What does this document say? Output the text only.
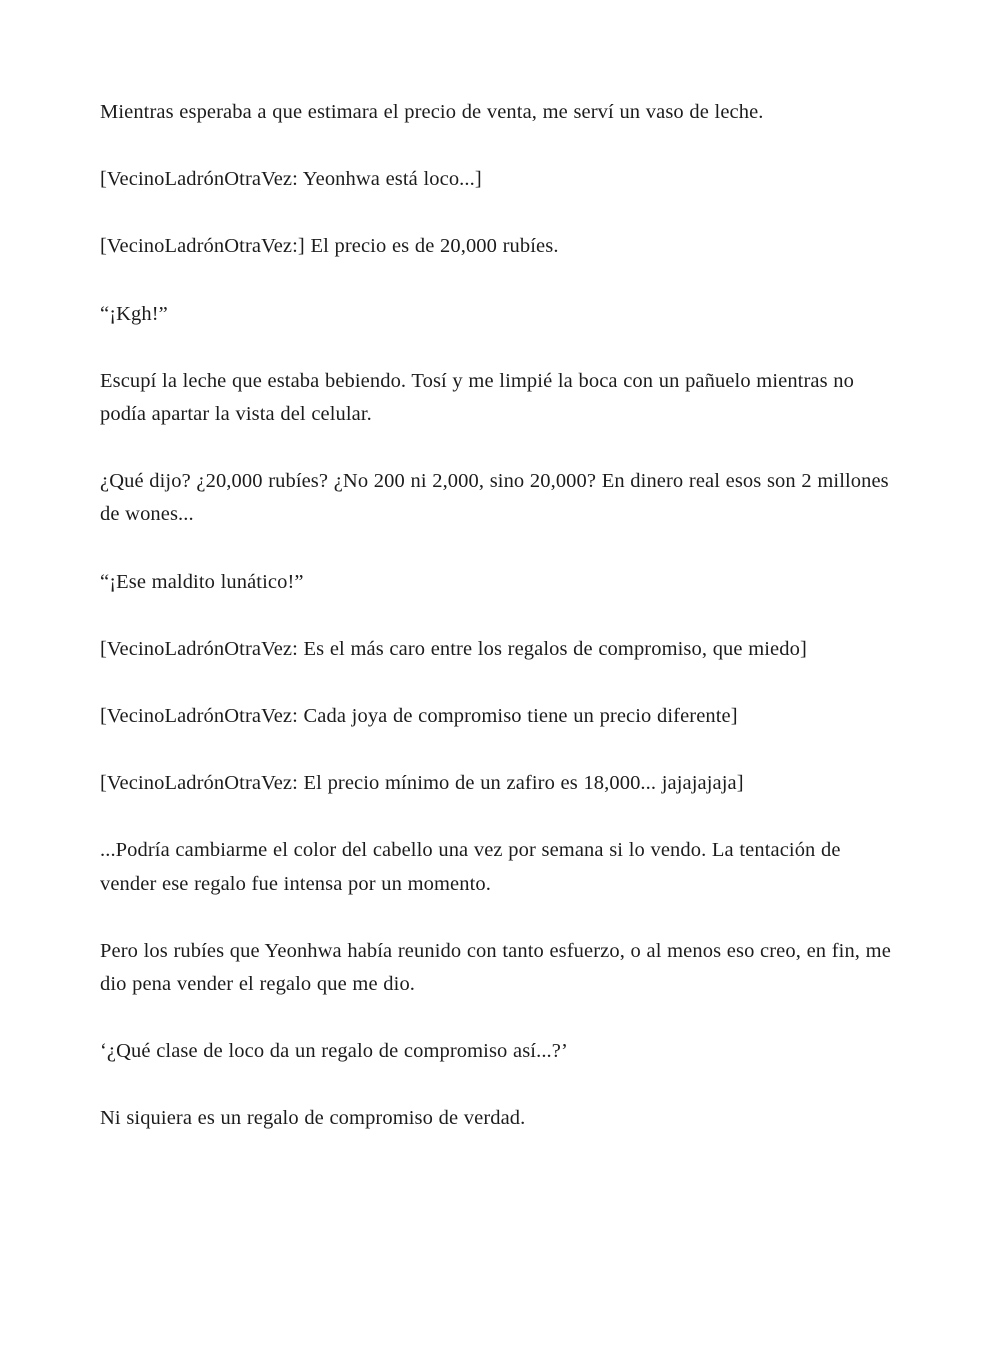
Mientras esperaba a que estimara el precio de venta, me serví un vaso de leche.

[VecinoLadrónOtraVez: Yeonhwa está loco...]

[VecinoLadrónOtraVez:] El precio es de 20,000 rubíes.

“¡Kgh!”

Escupí la leche que estaba bebiendo. Tosí y me limpié la boca con un pañuelo mientras no podía apartar la vista del celular.

¿Qué dijo? ¿20,000 rubíes? ¿No 200 ni 2,000, sino 20,000? En dinero real esos son 2 millones de wones...

“¡Ese maldito lunático!”

[VecinoLadrónOtraVez: Es el más caro entre los regalos de compromiso, que miedo]

[VecinoLadrónOtraVez: Cada joya de compromiso tiene un precio diferente]

[VecinoLadrónOtraVez: El precio mínimo de un zafiro es 18,000... jajajajaja]

...Podría cambiarme el color del cabello una vez por semana si lo vendo. La tentación de vender ese regalo fue intensa por un momento.

Pero los rubíes que Yeonhwa había reunido con tanto esfuerzo, o al menos eso creo, en fin, me dio pena vender el regalo que me dio.

‘¿Qué clase de loco da un regalo de compromiso así...?’

Ni siquiera es un regalo de compromiso de verdad.
